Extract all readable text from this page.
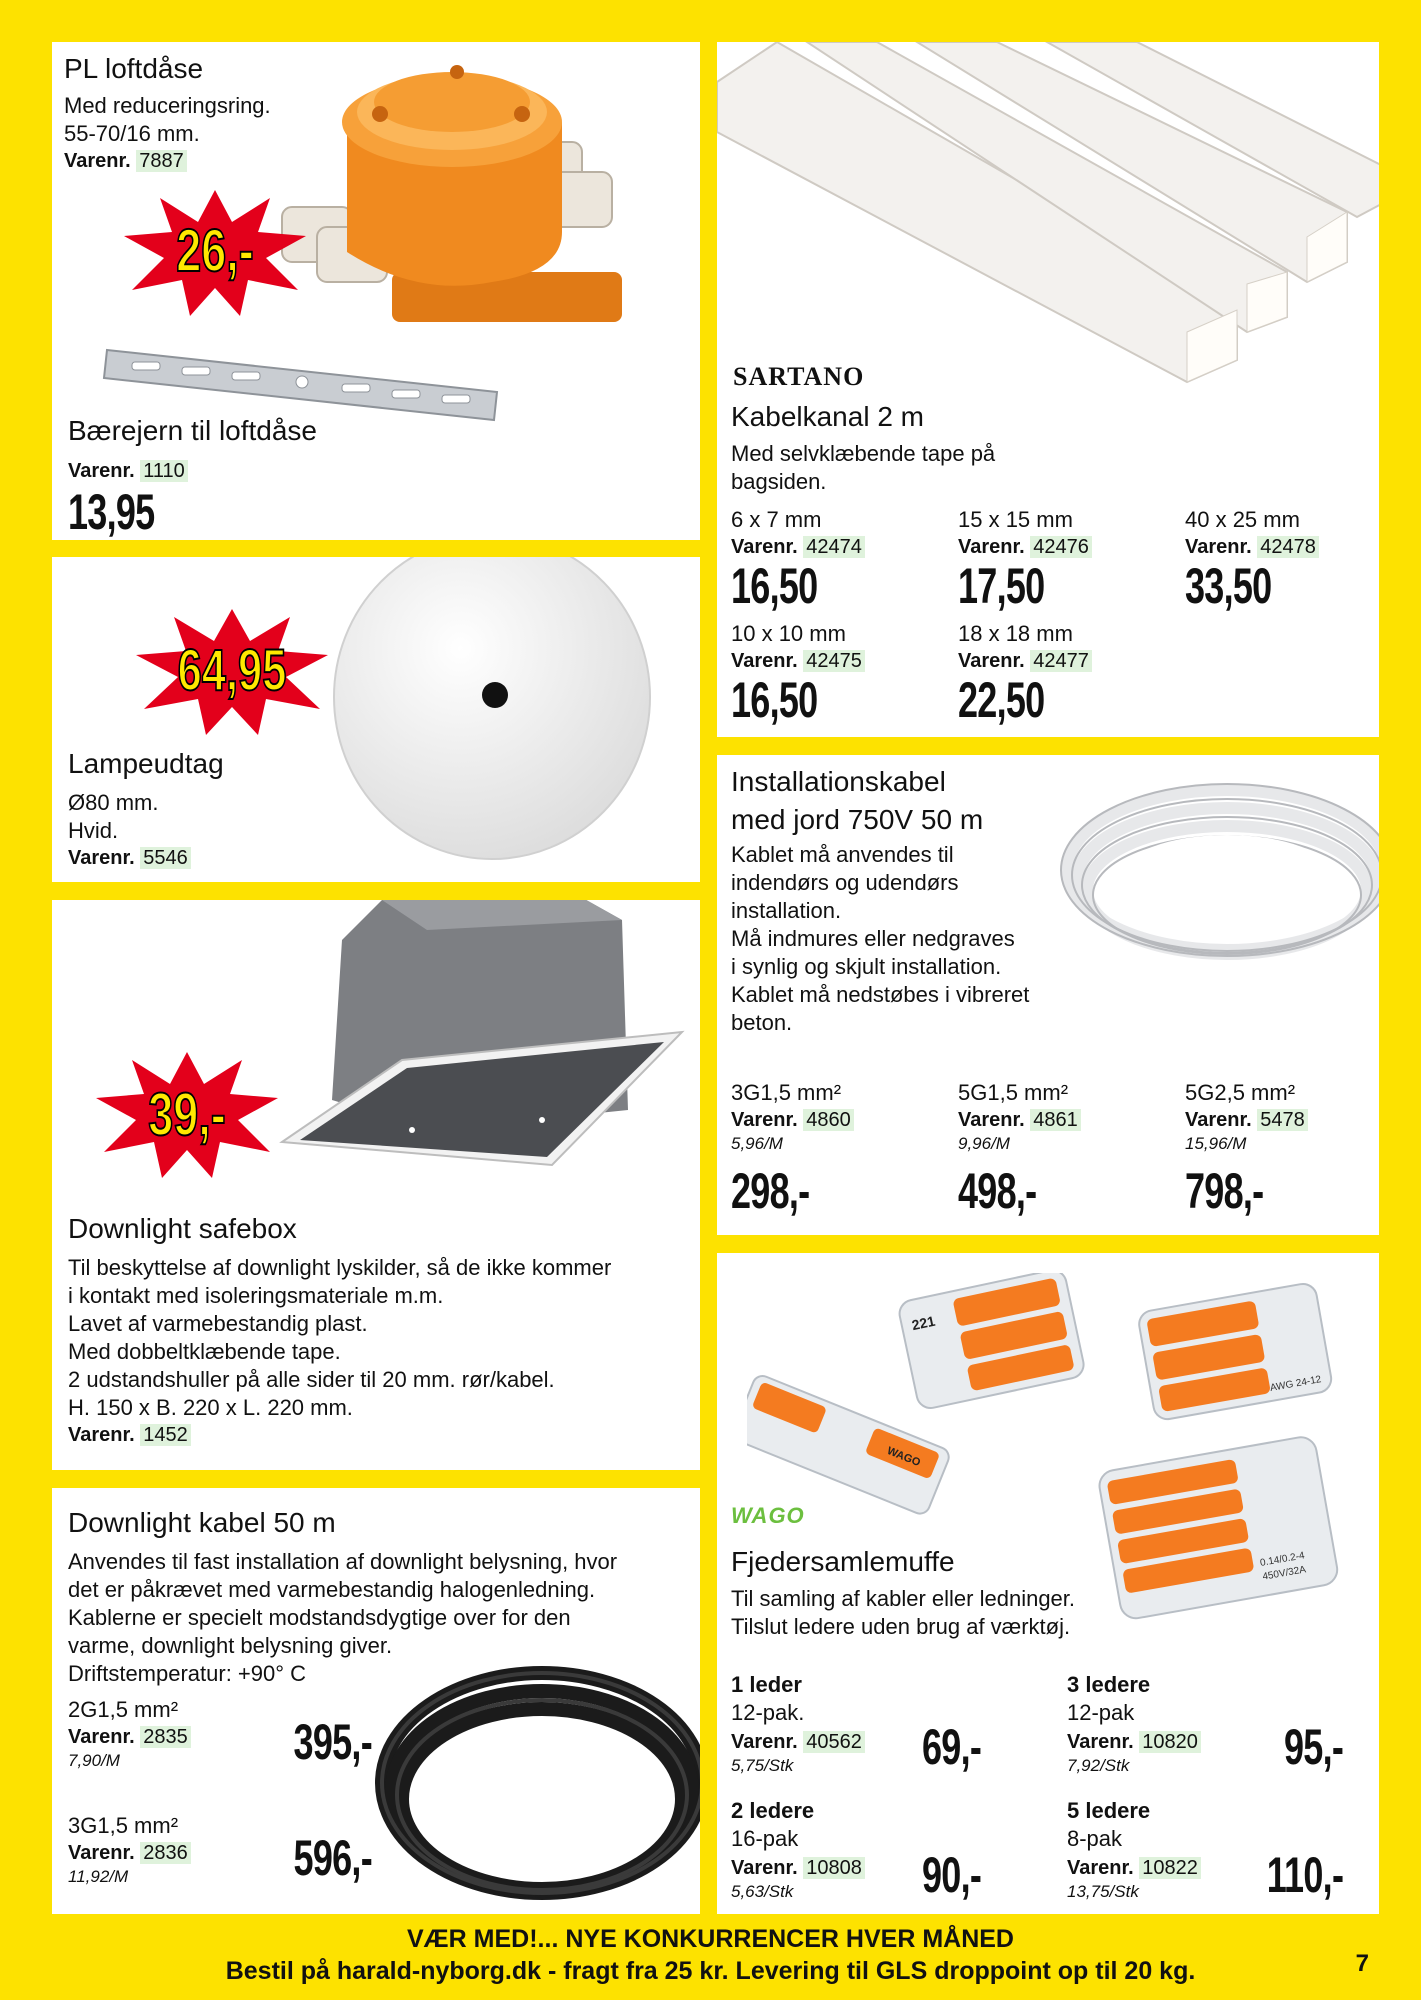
PL loftdåse
Med reduceringsring.
55-70/16 mm.
Varenr. 7887
26,-
Bærejern til loftdåse
Varenr. 1110
13,95
64,95
Lampeudtag
Ø80 mm.
Hvid.
Varenr. 5546
39,-
Downlight safebox
Til beskyttelse af downlight lyskilder, så de ikke kommer
i kontakt med isoleringsmateriale m.m.
Lavet af varmebestandig plast.
Med dobbeltklæbende tape.
2 udstandshuller på alle sider til 20 mm. rør/kabel.
H. 150 x B. 220 x L. 220 mm.
Varenr. 1452
Downlight kabel 50 m
Anvendes til fast installation af downlight belysning, hvor
det er påkrævet med varmebestandig halogenledning.
Kablerne er specielt modstandsdygtige over for den
varme, downlight belysning giver.
Driftstemperatur: +90° C
2G1,5 mm²
Varenr. 2835
7,90/M	395,-
3G1,5 mm²
Varenr. 2836
11,92/M	596,-
SARTANO
Kabelkanal 2 m
Med selvklæbende tape på
bagsiden.
6 x 7 mm
Varenr. 42474
16,50
15 x 15 mm
Varenr. 42476
17,50
40 x 25 mm
Varenr. 42478
33,50
10 x 10 mm
Varenr. 42475
16,50
18 x 18 mm
Varenr. 42477
22,50
Installationskabel
med jord 750V 50 m
Kablet må anvendes til
indendørs og udendørs
installation.
Må indmures eller nedgraves
i synlig og skjult installation.
Kablet må nedstøbes i vibreret
beton.
3G1,5 mm²
Varenr. 4860
5,96/M
298,-
5G1,5 mm²
Varenr. 4861
9,96/M
498,-
5G2,5 mm²
Varenr. 5478
15,96/M
798,-
WAGO
221
AWG 24-12
0.14/0.2-4
450V/32A
WAGO
Fjedersamlemuffe
Til samling af kabler eller ledninger.
Tilslut ledere uden brug af værktøj.
1 leder
12-pak.
Varenr. 40562
5,75/Stk	69,-
3 ledere
12-pak
Varenr. 10820
7,92/Stk	95,-
2 ledere
16-pak
Varenr. 10808
5,63/Stk	90,-
5 ledere
8-pak
Varenr. 10822
13,75/Stk	110,-
VÆR MED!... NYE KONKURRENCER HVER MÅNED
Bestil på harald-nyborg.dk - fragt fra 25 kr. Levering til GLS droppoint op til 20 kg.	7
